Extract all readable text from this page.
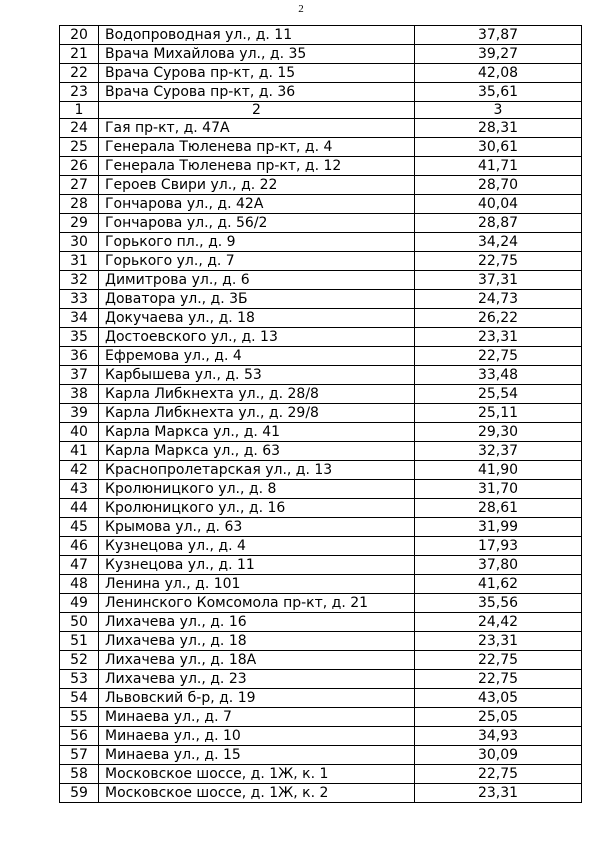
2
20	Водопроводная ул., д. 11	37,87
21	Врача Михайлова ул., д. 35	39,27
22	Врача Сурова пр-кт, д. 15	42,08
23	Врача Сурова пр-кт, д. 36	35,61
1	2	3
24	Гая пр-кт, д. 47А	28,31
25	Генерала Тюленева пр-кт, д. 4	30,61
26	Генерала Тюленева пр-кт, д. 12	41,71
27	Героев Свири ул., д. 22	28,70
28	Гончарова ул., д. 42А	40,04
29	Гончарова ул., д. 56/2	28,87
30	Горького пл., д. 9	34,24
31	Горького ул., д. 7	22,75
32	Димитрова ул., д. 6	37,31
33	Доватора ул., д. 3Б	24,73
34	Докучаева ул., д. 18	26,22
35	Достоевского ул., д. 13	23,31
36	Ефремова ул., д. 4	22,75
37	Карбышева ул., д. 53	33,48
38	Карла Либкнехта ул., д. 28/8	25,54
39	Карла Либкнехта ул., д. 29/8	25,11
40	Карла Маркса ул., д. 41	29,30
41	Карла Маркса ул., д. 63	32,37
42	Краснопролетарская ул., д. 13	41,90
43	Кролюницкого ул., д. 8	31,70
44	Кролюницкого ул., д. 16	28,61
45	Крымова ул., д. 63	31,99
46	Кузнецова ул., д. 4	17,93
47	Кузнецова ул., д. 11	37,80
48	Ленина ул., д. 101	41,62
49	Ленинского Комсомола пр-кт, д. 21	35,56
50	Лихачева ул., д. 16	24,42
51	Лихачева ул., д. 18	23,31
52	Лихачева ул., д. 18А	22,75
53	Лихачева ул., д. 23	22,75
54	Львовский б-р, д. 19	43,05
55	Минаева ул., д. 7	25,05
56	Минаева ул., д. 10	34,93
57	Минаева ул., д. 15	30,09
58	Московское шоссе, д. 1Ж, к. 1	22,75
59	Московское шоссе, д. 1Ж, к. 2	23,31
